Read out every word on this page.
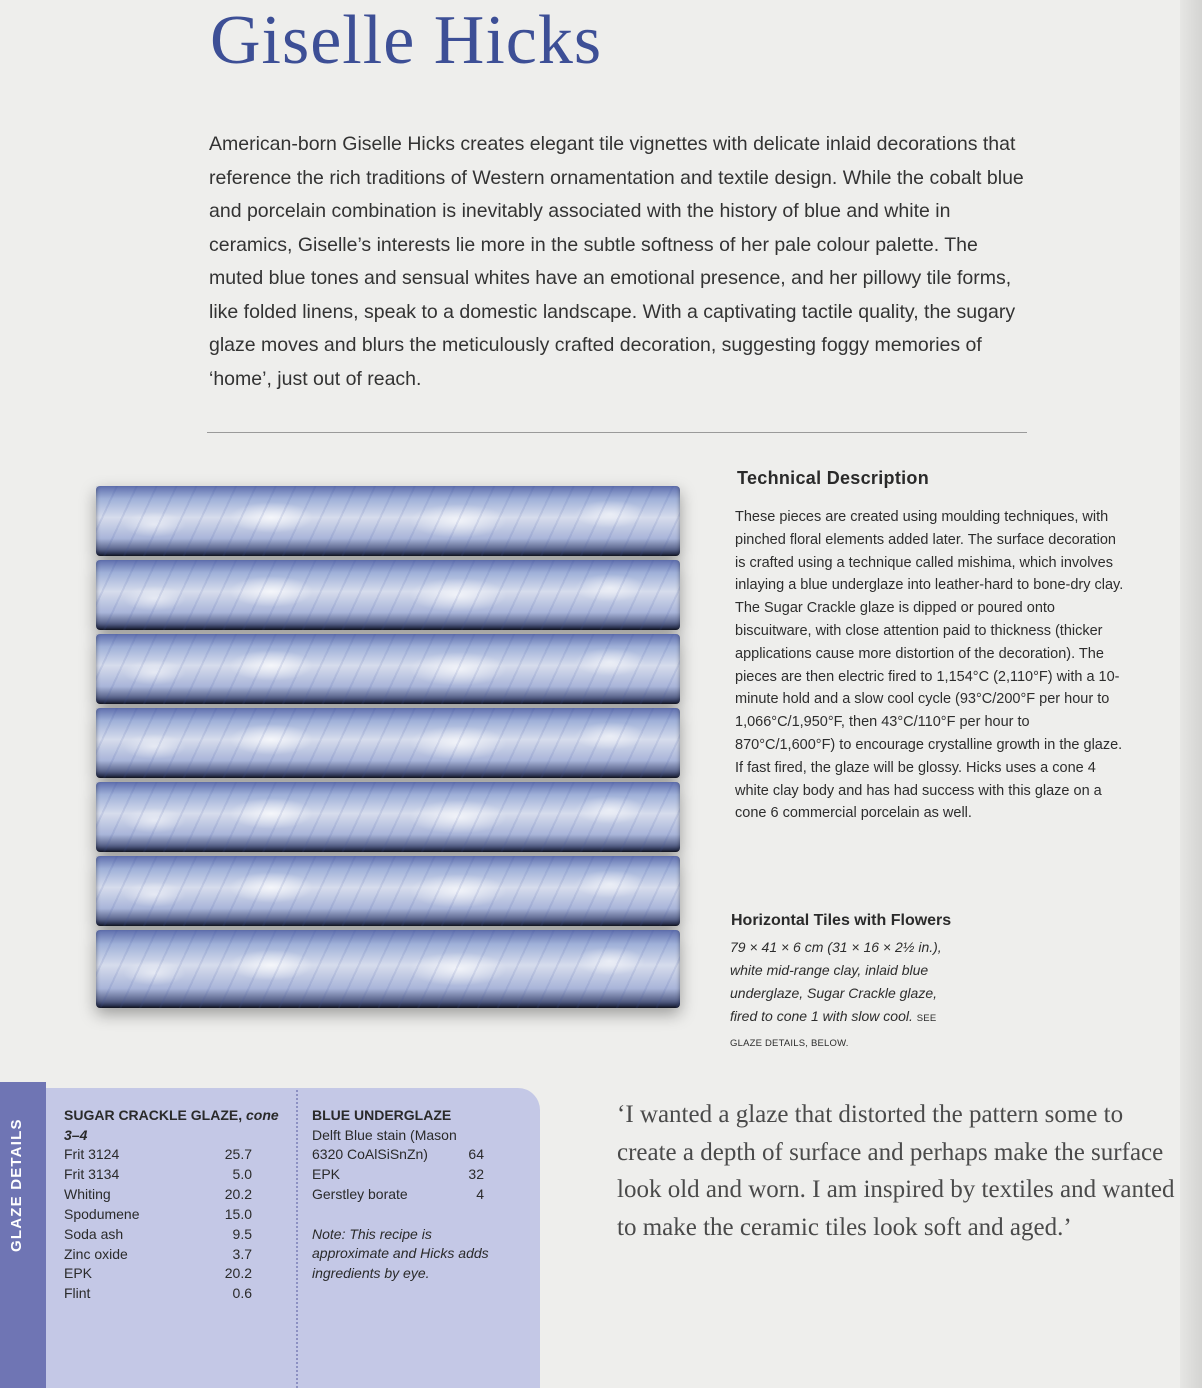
Giselle Hicks

American-born Giselle Hicks creates elegant tile vignettes with delicate inlaid decorations that reference the rich traditions of Western ornamentation and textile design. While the cobalt blue and porcelain combination is inevitably associated with the history of blue and white in ceramics, Giselle’s interests lie more in the subtle softness of her pale colour palette. The muted blue tones and sensual whites have an emotional presence, and her pillowy tile forms, like folded linens, speak to a domestic landscape. With a captivating tactile quality, the sugary glaze moves and blurs the meticulously crafted decoration, suggesting foggy memories of ‘home’, just out of reach.

Technical Description

These pieces are created using moulding techniques, with pinched floral elements added later. The surface decoration is crafted using a technique called mishima, which involves inlaying a blue underglaze into leather-hard to bone-dry clay. The Sugar Crackle glaze is dipped or poured onto biscuitware, with close attention paid to thickness (thicker applications cause more distortion of the decoration). The pieces are then electric fired to 1,154°C (2,110°F) with a 10-minute hold and a slow cool cycle (93°C/200°F per hour to 1,066°C/1,950°F, then 43°C/110°F per hour to 870°C/1,600°F) to encourage crystalline growth in the glaze. If fast fired, the glaze will be glossy. Hicks uses a cone 4 white clay body and has had success with this glaze on a cone 6 commercial porcelain as well.

Horizontal Tiles with Flowers

79 × 41 × 6 cm (31 × 16 × 2½ in.), white mid-range clay, inlaid blue underglaze, Sugar Crackle glaze, fired to cone 1 with slow cool. SEE GLAZE DETAILS, BELOW.

GLAZE DETAILS

SUGAR CRACKLE GLAZE, cone 3–4

Frit 3124	25.7
Frit 3134	5.0
Whiting	20.2
Spodumene	15.0
Soda ash	9.5
Zinc oxide	3.7
EPK	20.2
Flint	0.6

BLUE UNDERGLAZE

Delft Blue stain (Mason
6320 CoAlSiSnZn)	64
EPK	32
Gerstley borate	4

Note: This recipe is approximate and Hicks adds ingredients by eye.

‘I wanted a glaze that distorted the pattern some to create a depth of surface and perhaps make the surface look old and worn. I am inspired by textiles and wanted to make the ceramic tiles look soft and aged.’
